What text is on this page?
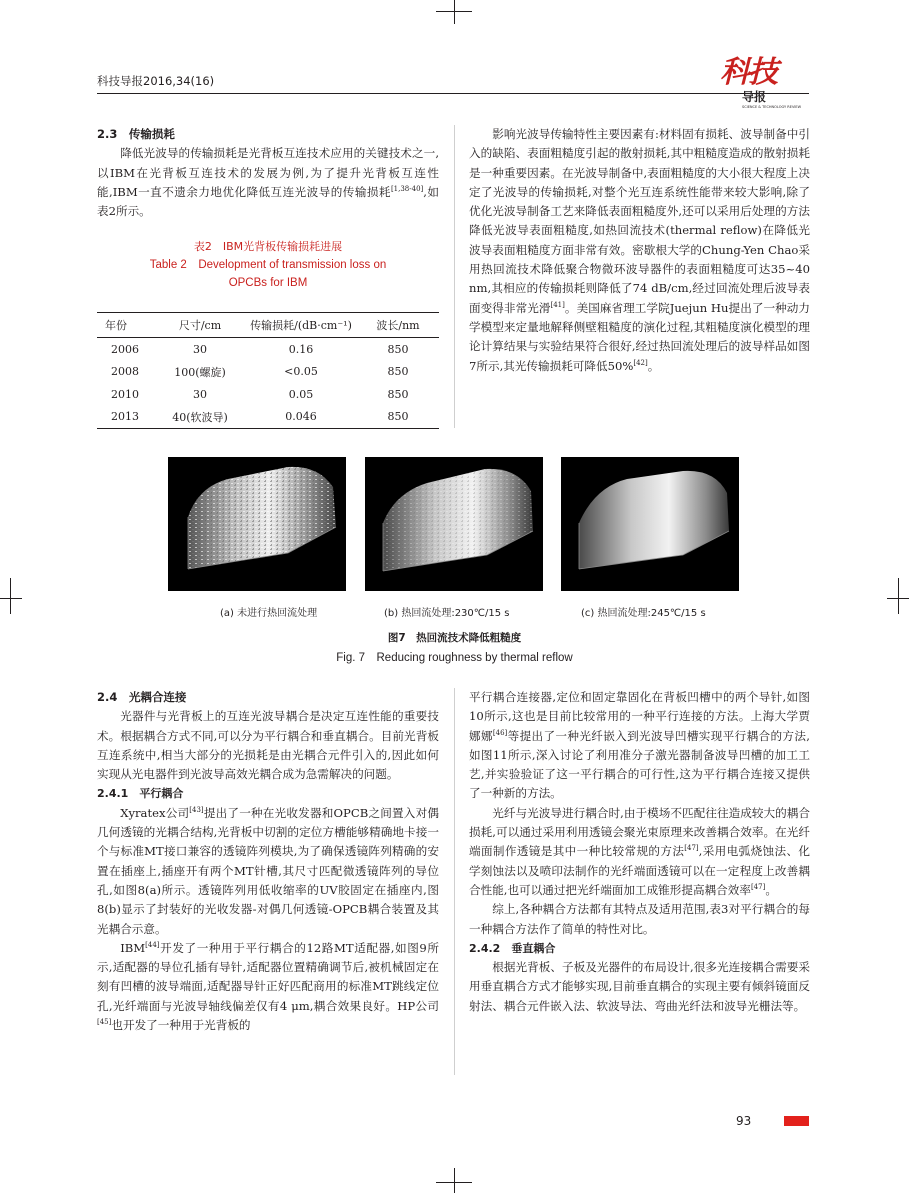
科技导报2016,34(16)	科技
导报
SCIENCE & TECHNOLOGY REVIEW
2.3　传输损耗

降低光波导的传输损耗是光背板互连技术应用的关键技术之一,以IBM在光背板互连技术的发展为例,为了提升光背板互连性能,IBM一直不遗余力地优化降低互连光波导的传输损耗[1,38-40],如表2所示。

表2　IBM光背板传输损耗进展
Table 2　Development of transmission loss on
OPCBs for IBM
年份	尺寸/cm	传输损耗/(dB·cm⁻¹)	波长/nm
2006	30	0.16	850
2008	100(螺旋)	<0.05	850
2010	30	0.05	850
2013	40(软波导)	0.046	850

影响光波导传输特性主要因素有:材料固有损耗、波导制备中引入的缺陷、表面粗糙度引起的散射损耗,其中粗糙度造成的散射损耗是一种重要因素。在光波导制备中,表面粗糙度的大小很大程度上决定了光波导的传输损耗,对整个光互连系统性能带来较大影响,除了优化光波导制备工艺来降低表面粗糙度外,还可以采用后处理的方法降低光波导表面粗糙度,如热回流技术(thermal reflow)在降低光波导表面粗糙度方面非常有效。密歇根大学的Chung-Yen Chao采用热回流技术降低聚合物微环波导器件的表面粗糙度可达35~40 nm,其相应的传输损耗则降低了74 dB/cm,经过回流处理后波导表面变得非常光滑[41]。美国麻省理工学院Juejun Hu提出了一种动力学模型来定量地解释侧壁粗糙度的演化过程,其粗糙度演化模型的理论计算结果与实验结果符合很好,经过热回流处理后的波导样品如图7所示,其光传输损耗可降低50%[42]。

(a) 未进行热回流处理	(b) 热回流处理:230℃/15 s	(c) 热回流处理:245℃/15 s
图7　热回流技术降低粗糙度
Fig. 7　Reducing roughness by thermal reflow
2.4　光耦合连接

光器件与光背板上的互连光波导耦合是决定互连性能的重要技术。根据耦合方式不同,可以分为平行耦合和垂直耦合。目前光背板互连系统中,相当大部分的光损耗是由光耦合元件引入的,因此如何实现从光电器件到光波导高效光耦合成为急需解决的问题。

2.4.1　平行耦合

Xyratex公司[43]提出了一种在光收发器和OPCB之间置入对偶几何透镜的光耦合结构,光背板中切割的定位方槽能够精确地卡接一个与标准MT接口兼容的透镜阵列模块,为了确保透镜阵列精确的安置在插座上,插座开有两个MT针槽,其尺寸匹配微透镜阵列的导位孔,如图8(a)所示。透镜阵列用低收缩率的UV胶固定在插座内,图8(b)显示了封装好的光收发器-对偶几何透镜-OPCB耦合装置及其光耦合示意。

IBM[44]开发了一种用于平行耦合的12路MT适配器,如图9所示,适配器的导位孔插有导针,适配器位置精确调节后,被机械固定在刻有凹槽的波导端面,适配器导针正好匹配商用的标准MT跳线定位孔,光纤端面与光波导轴线偏差仅有4 μm,耦合效果良好。HP公司[45]也开发了一种用于光背板的

平行耦合连接器,定位和固定靠固化在背板凹槽中的两个导针,如图10所示,这也是目前比较常用的一种平行连接的方法。上海大学贾娜娜[46]等提出了一种光纤嵌入到光波导凹槽实现平行耦合的方法,如图11所示,深入讨论了利用准分子激光器制备波导凹槽的加工工艺,并实验验证了这一平行耦合的可行性,这为平行耦合连接又提供了一种新的方法。

光纤与光波导进行耦合时,由于模场不匹配往往造成较大的耦合损耗,可以通过采用利用透镜会聚光束原理来改善耦合效率。在光纤端面制作透镜是其中一种比较常规的方法[47],采用电弧烧蚀法、化学刻蚀法以及喷印法制作的光纤端面透镜可以在一定程度上改善耦合性能,也可以通过把光纤端面加工成锥形提高耦合效率[47]。

综上,各种耦合方法都有其特点及适用范围,表3对平行耦合的每一种耦合方法作了简单的特性对比。

2.4.2　垂直耦合

根据光背板、子板及光器件的布局设计,很多光连接耦合需要采用垂直耦合方式才能够实现,目前垂直耦合的实现主要有倾斜镜面反射法、耦合元件嵌入法、软波导法、弯曲光纤法和波导光栅法等。

93
